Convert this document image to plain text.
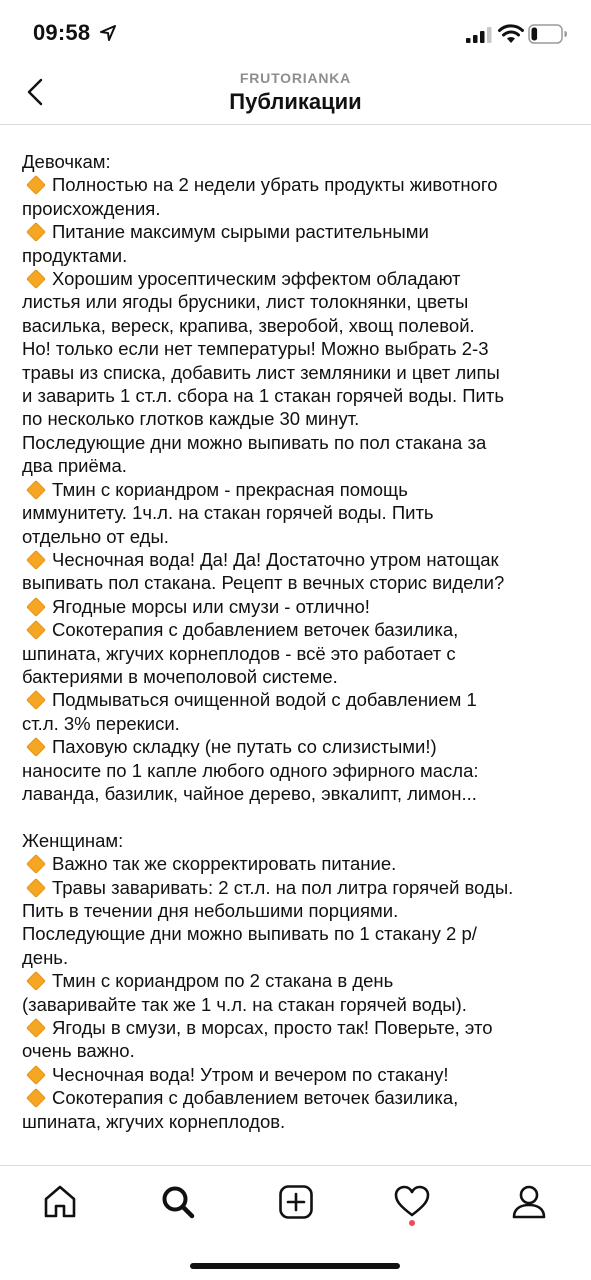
09:58
FRUTORIANKA
Публикации
Девочкам:
Полностью на 2 недели убрать продукты животного
происхождения.
Питание максимум сырыми растительными
продуктами.
Хорошим уросептическим эффектом обладают
листья или ягоды брусники, лист толокнянки, цветы
василька, вереск, крапива, зверобой, хвощ полевой.
Но! только если нет температуры! Можно выбрать 2-3
травы из списка, добавить лист земляники и цвет липы
и заварить 1 ст.л. сбора на 1 стакан горячей воды. Пить
по несколько глотков каждые 30 минут.
Последующие дни можно выпивать по пол стакана за
два приёма.
Тмин с кориандром - прекрасная помощь
иммунитету. 1ч.л. на стакан горячей воды. Пить
отдельно от еды.
Чесночная вода! Да! Да! Достаточно утром натощак
выпивать пол стакана. Рецепт в вечных сторис видели?
Ягодные морсы или смузи - отлично!
Сокотерапия с добавлением веточек базилика,
шпината, жгучих корнеплодов - всё это работает с
бактериями в мочеполовой системе.
Подмываться очищенной водой с добавлением 1
ст.л. 3% перекиси.
Паховую складку (не путать со слизистыми!)
наносите по 1 капле любого одного эфирного масла:
лаванда, базилик, чайное дерево, эвкалипт, лимон...
Женщинам:
Важно так же скорректировать питание.
Травы заваривать: 2 ст.л. на пол литра горячей воды.
Пить в течении дня небольшими порциями.
Последующие дни можно выпивать по 1 стакану 2 р/
день.
Тмин с кориандром по 2 стакана в день
(заваривайте так же 1 ч.л. на стакан горячей воды).
Ягоды в смузи, в морсах, просто так! Поверьте, это
очень важно.
Чесночная вода! Утром и вечером по стакану!
Сокотерапия с добавлением веточек базилика,
шпината, жгучих корнеплодов.
